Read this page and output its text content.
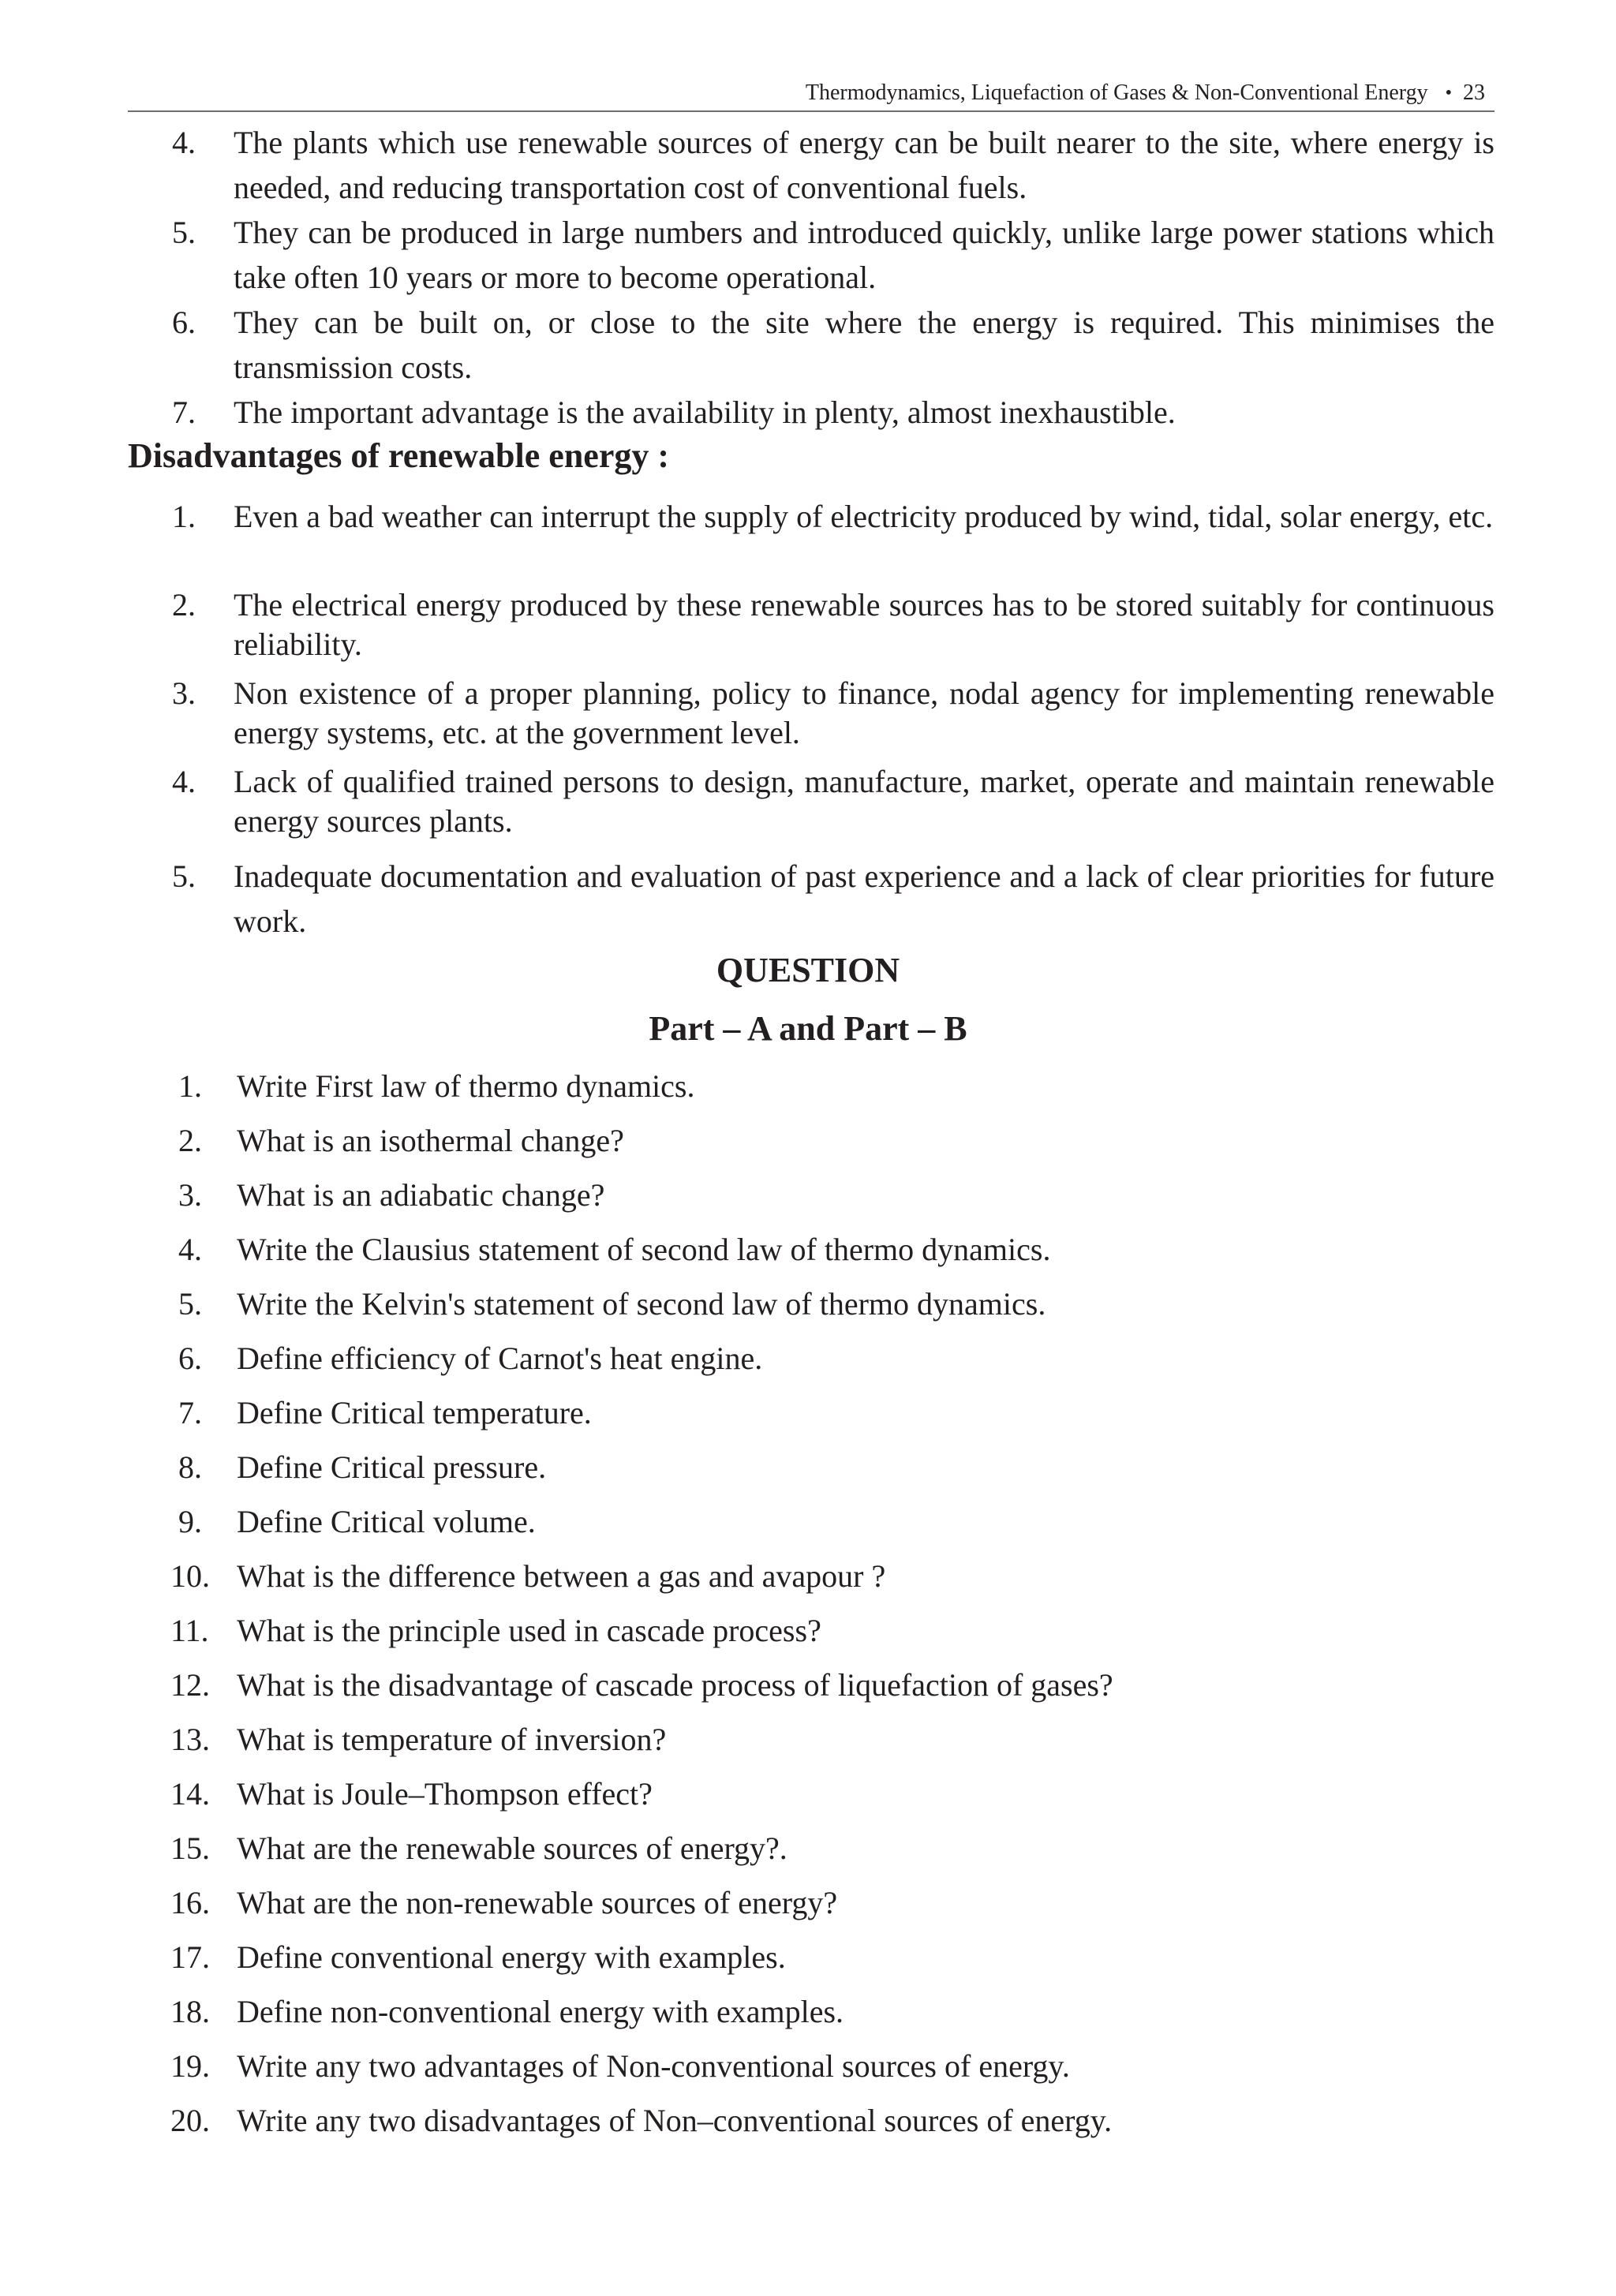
Thermodynamics, Liquefaction of Gases & Non-Conventional Energy • 23
4.	The plants which use renewable sources of energy can be built nearer to the site, where energy is needed, and reducing transportation cost of conventional fuels.
5.	They can be produced in large numbers and introduced quickly, unlike large power stations which take often 10 years or more to become operational.
6.	They can be built on, or close to the site where the energy is required. This minimises the transmission costs.
7.	The important advantage is the availability in plenty, almost inexhaustible.
Disadvantages of renewable energy :
1.	Even a bad weather can interrupt the supply of electricity produced by wind, tidal, solar energy, etc.
2.	The electrical energy produced by these renewable sources has to be stored suitably for continuous reliability.
3.	Non existence of a proper planning, policy to finance, nodal agency for implementing renewable energy systems, etc. at the government level.
4.	Lack of qualified trained persons to design, manufacture, market, operate and maintain renewable energy sources plants.
5.	Inadequate documentation and evaluation of past experience and a lack of clear priorities for future work.
QUESTION
Part – A and Part – B
1. Write First law of thermo dynamics.
2. What is an isothermal change?
3. What is an adiabatic change?
4. Write the Clausius statement of second law of thermo dynamics.
5. Write the Kelvin's statement of second law of thermo dynamics.
6. Define efficiency of Carnot's heat engine.
7. Define Critical temperature.
8. Define Critical pressure.
9. Define Critical volume.
10. What is the difference between a gas and avapour ?
11. What is the principle used in cascade process?
12. What is the disadvantage of cascade process of liquefaction of gases?
13. What is temperature of inversion?
14. What is Joule–Thompson effect?
15. What are the renewable sources of energy?.
16. What are the non-renewable sources of energy?
17. Define conventional energy with examples.
18. Define non-conventional energy with examples.
19. Write any two advantages of Non-conventional sources of energy.
20. Write any two disadvantages of Non–conventional sources of energy.
